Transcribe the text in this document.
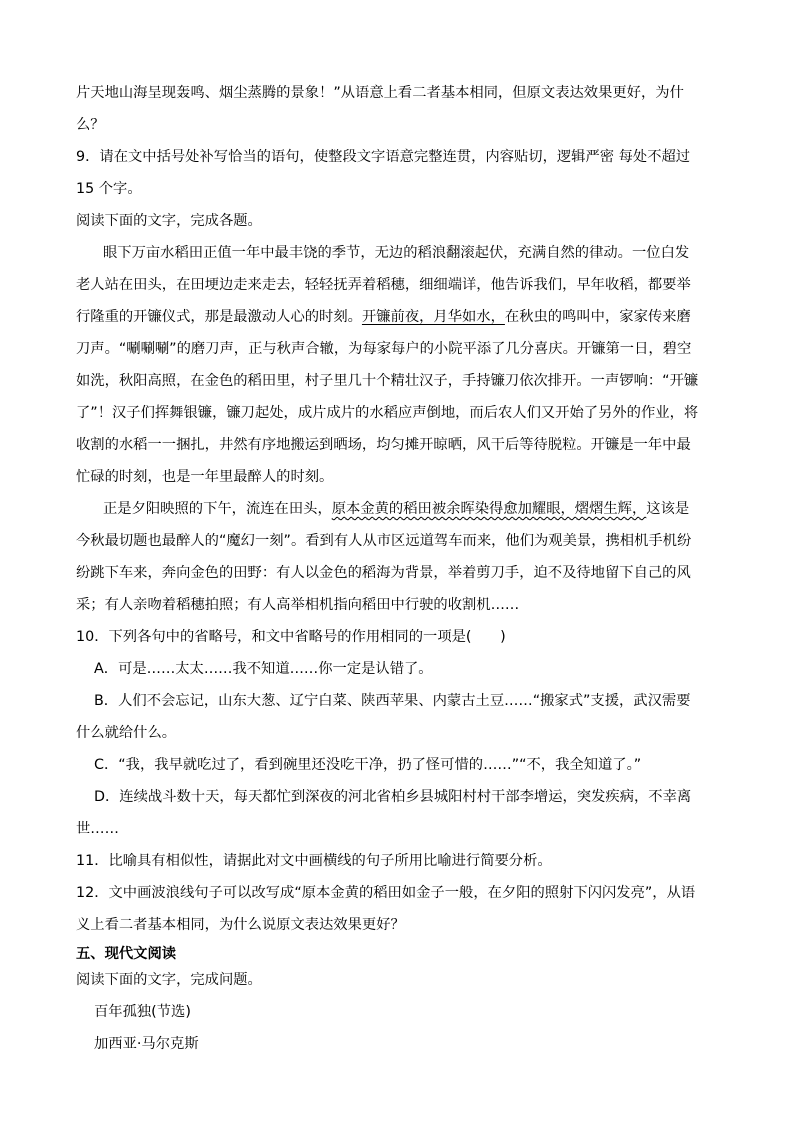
片天地山海呈现轰鸣、烟尘蒸腾的景象！”从语意上看二者基本相同，但原文表达效果更好，为什
么？
9．请在文中括号处补写恰当的语句，使整段文字语意完整连贯，内容贴切，逻辑严密 每处不超过
15 个字。
阅读下面的文字，完成各题。
眼下万亩水稻田正值一年中最丰饶的季节，无边的稻浪翻滚起伏，充满自然的律动。一位白发
老人站在田头，在田埂边走来走去，轻轻抚弄着稻穗，细细端详，他告诉我们，早年收稻，都要举
行隆重的开镰仪式，那是最激动人心的时刻。开镰前夜，月华如水，在秋虫的鸣叫中，家家传来磨
刀声。“唰唰唰”的磨刀声，正与秋声合辙，为每家每户的小院平添了几分喜庆。开镰第一日，碧空
如洗，秋阳高照，在金色的稻田里，村子里几十个精壮汉子，手持镰刀依次排开。一声锣响：“开镰
了”！汉子们挥舞银镰，镰刀起处，成片成片的水稻应声倒地，而后农人们又开始了另外的作业，将
收割的水稻一一捆扎，井然有序地搬运到晒场，均匀摊开晾晒，风干后等待脱粒。开镰是一年中最
忙碌的时刻，也是一年里最醉人的时刻。
正是夕阳映照的下午，流连在田头，原本金黄的稻田被余晖染得愈加耀眼，熠熠生辉，这该是
今秋最切题也最醉人的“魔幻一刻”。看到有人从市区远道驾车而来，他们为观美景，携相机手机纷
纷跳下车来，奔向金色的田野：有人以金色的稻海为背景，举着剪刀手，迫不及待地留下自己的风
采；有人亲吻着稻穗拍照；有人高举相机指向稻田中行驶的收割机……
10．下列各句中的省略号，和文中省略号的作用相同的一项是(　　)
A．可是……太太……我不知道……你一定是认错了。
B．人们不会忘记，山东大葱、辽宁白菜、陕西苹果、内蒙古土豆……“搬家式”支援，武汉需要
什么就给什么。
C．“我，我早就吃过了，看到碗里还没吃干净，扔了怪可惜的……”“不，我全知道了。”
D．连续战斗数十天，每天都忙到深夜的河北省柏乡县城阳村村干部李增运，突发疾病，不幸离
世……
11．比喻具有相似性，请据此对文中画横线的句子所用比喻进行简要分析。
12．文中画波浪线句子可以改写成“原本金黄的稻田如金子一般，在夕阳的照射下闪闪发亮”，从语
义上看二者基本相同，为什么说原文表达效果更好？
五、现代文阅读
阅读下面的文字，完成问题。
百年孤独(节选)
加西亚·马尔克斯
